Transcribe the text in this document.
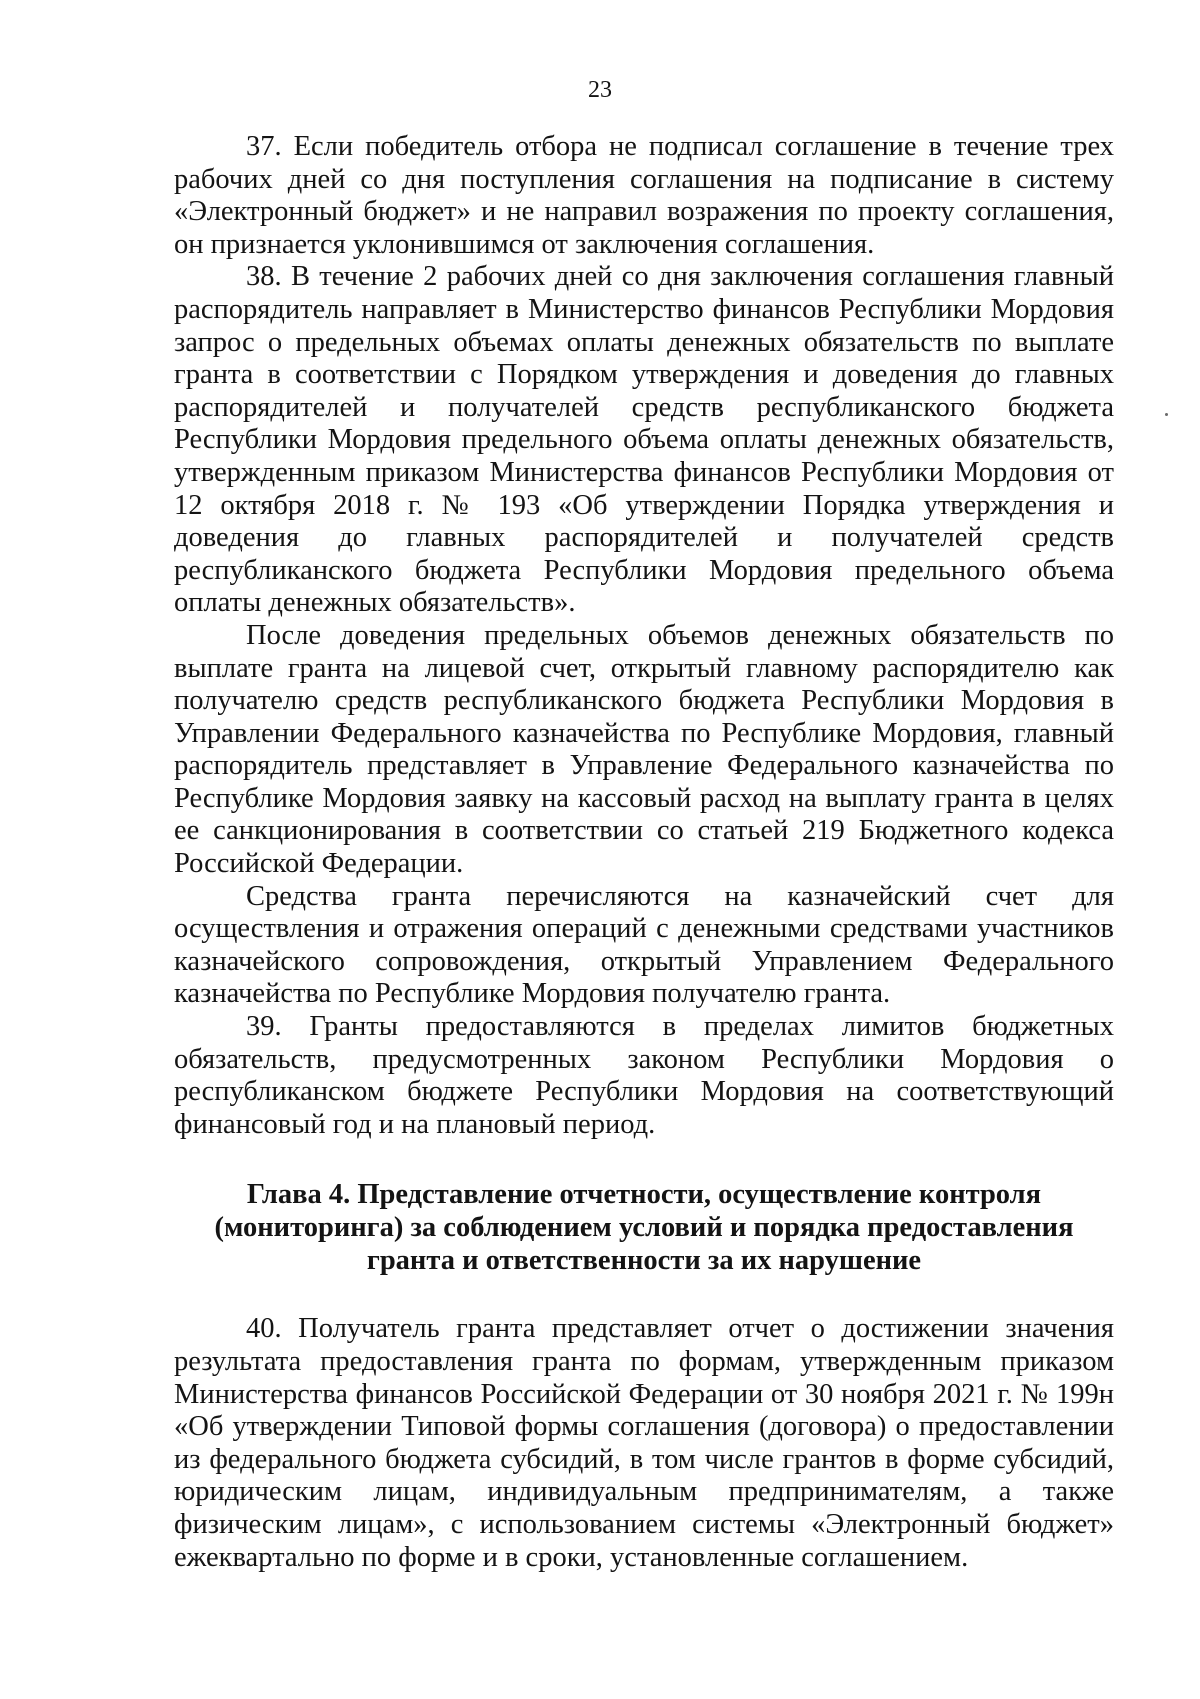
23

37. Если победитель отбора не подписал соглашение в течение трех рабочих дней со дня поступления соглашения на подписание в систему «Электронный бюджет» и не направил возражения по проекту соглашения, он признается уклонившимся от заключения соглашения.

38. В течение 2 рабочих дней со дня заключения соглашения главный распорядитель направляет в Министерство финансов Республики Мордовия запрос о предельных объемах оплаты денежных обязательств по выплате гранта в соответствии с Порядком утверждения и доведения до главных распорядителей и получателей средств республиканского бюджета Республики Мордовия предельного объема оплаты денежных обязательств, утвержденным приказом Министерства финансов Республики Мордовия от 12 октября 2018 г. № 193 «Об утверждении Порядка утверждения и доведения до главных распорядителей и получателей средств республиканского бюджета Республики Мордовия предельного объема оплаты денежных обязательств».

После доведения предельных объемов денежных обязательств по выплате гранта на лицевой счет, открытый главному распорядителю как получателю средств республиканского бюджета Республики Мордовия в Управлении Федерального казначейства по Республике Мордовия, главный распорядитель представляет в Управление Федерального казначейства по Республике Мордовия заявку на кассовый расход на выплату гранта в целях ее санкционирования в соответствии со статьей 219 Бюджетного кодекса Российской Федерации.

Средства гранта перечисляются на казначейский счет для осуществления и отражения операций с денежными средствами участников казначейского сопровождения, открытый Управлением Федерального казначейства по Республике Мордовия получателю гранта.

39. Гранты предоставляются в пределах лимитов бюджетных обязательств, предусмотренных законом Республики Мордовия о республиканском бюджете Республики Мордовия на соответствующий финансовый год и на плановый период.

Глава 4. Представление отчетности, осуществление контроля
(мониторинга) за соблюдением условий и порядка предоставления
гранта и ответственности за их нарушение

40. Получатель гранта представляет отчет о достижении значения результата предоставления гранта по формам, утвержденным приказом Министерства финансов Российской Федерации от 30 ноября 2021 г. № 199н «Об утверждении Типовой формы соглашения (договора) о предоставлении из федерального бюджета субсидий, в том числе грантов в форме субсидий, юридическим лицам, индивидуальным предпринимателям, а также физическим лицам», с использованием системы «Электронный бюджет» ежеквартально по форме и в сроки, установленные соглашением.
